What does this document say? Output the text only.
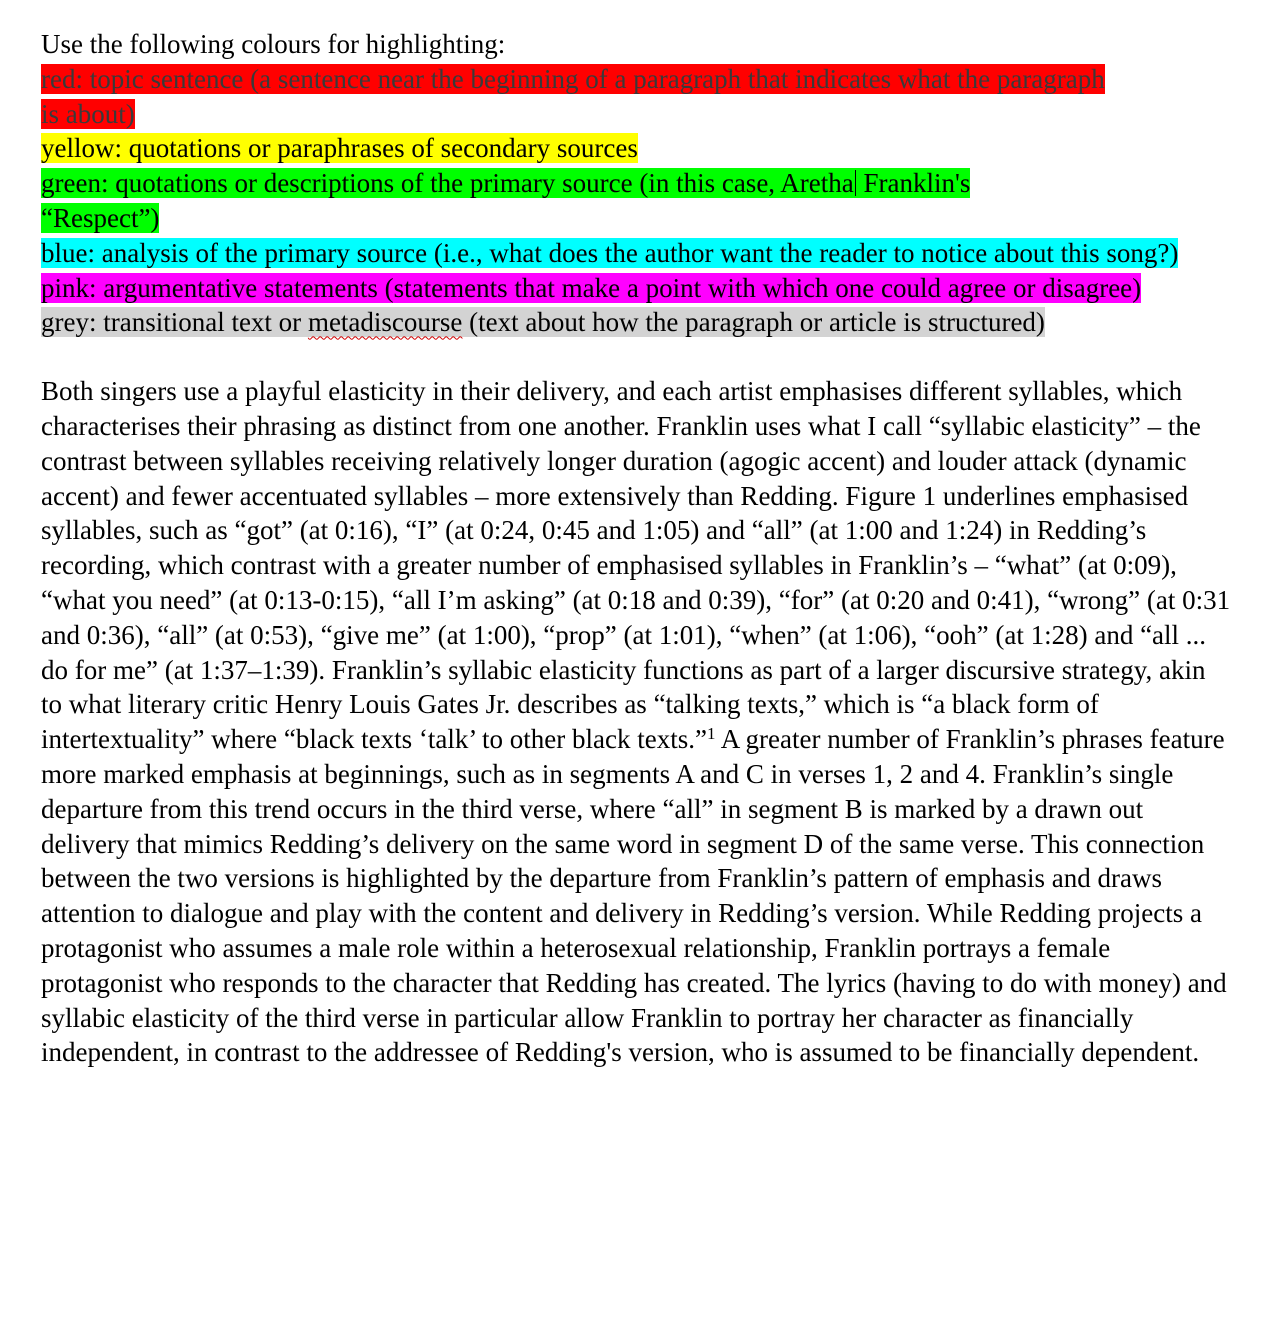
Use the following colours for highlighting:
red: topic sentence (a sentence near the beginning of a paragraph that indicates what the paragraph is about)
yellow: quotations or paraphrases of secondary sources
green: quotations or descriptions of the primary source (in this case, Aretha Franklin's “Respect”)
blue: analysis of the primary source (i.e., what does the author want the reader to notice about this song?)
pink: argumentative statements (statements that make a point with which one could agree or disagree)
grey: transitional text or metadiscourse (text about how the paragraph or article is structured)

Both singers use a playful elasticity in their delivery, and each artist emphasises different syllables, which characterises their phrasing as distinct from one another. Franklin uses what I call “syllabic elasticity” – the contrast between syllables receiving relatively longer duration (agogic accent) and louder attack (dynamic accent) and fewer accentuated syllables – more extensively than Redding. Figure 1 underlines emphasised syllables, such as “got” (at 0:16), “I” (at 0:24, 0:45 and 1:05) and “all” (at 1:00 and 1:24) in Redding’s recording, which contrast with a greater number of emphasised syllables in Franklin’s – “what” (at 0:09), “what you need” (at 0:13-0:15), “all I’m asking” (at 0:18 and 0:39), “for” (at 0:20 and 0:41), “wrong” (at 0:31 and 0:36), “all” (at 0:53), “give me” (at 1:00), “prop” (at 1:01), “when” (at 1:06), “ooh” (at 1:28) and “all ... do for me” (at 1:37–1:39). Franklin’s syllabic elasticity functions as part of a larger discursive strategy, akin to what literary critic Henry Louis Gates Jr. describes as “talking texts,” which is “a black form of intertextuality” where “black texts ‘talk’ to other black texts.”$^1$ A greater number of Franklin’s phrases feature more marked emphasis at beginnings, such as in segments A and C in verses 1, 2 and 4. Franklin’s single departure from this trend occurs in the third verse, where “all” in segment B is marked by a drawn out delivery that mimics Redding’s delivery on the same word in segment D of the same verse. This connection between the two versions is highlighted by the departure from Franklin’s pattern of emphasis and draws attention to dialogue and play with the content and delivery in Redding’s version. While Redding projects a protagonist who assumes a male role within a heterosexual relationship, Franklin portrays a female protagonist who responds to the character that Redding has created. The lyrics (having to do with money) and syllabic elasticity of the third verse in particular allow Franklin to portray her character as financially independent, in contrast to the addressee of Redding's version, who is assumed to be financially dependent.
